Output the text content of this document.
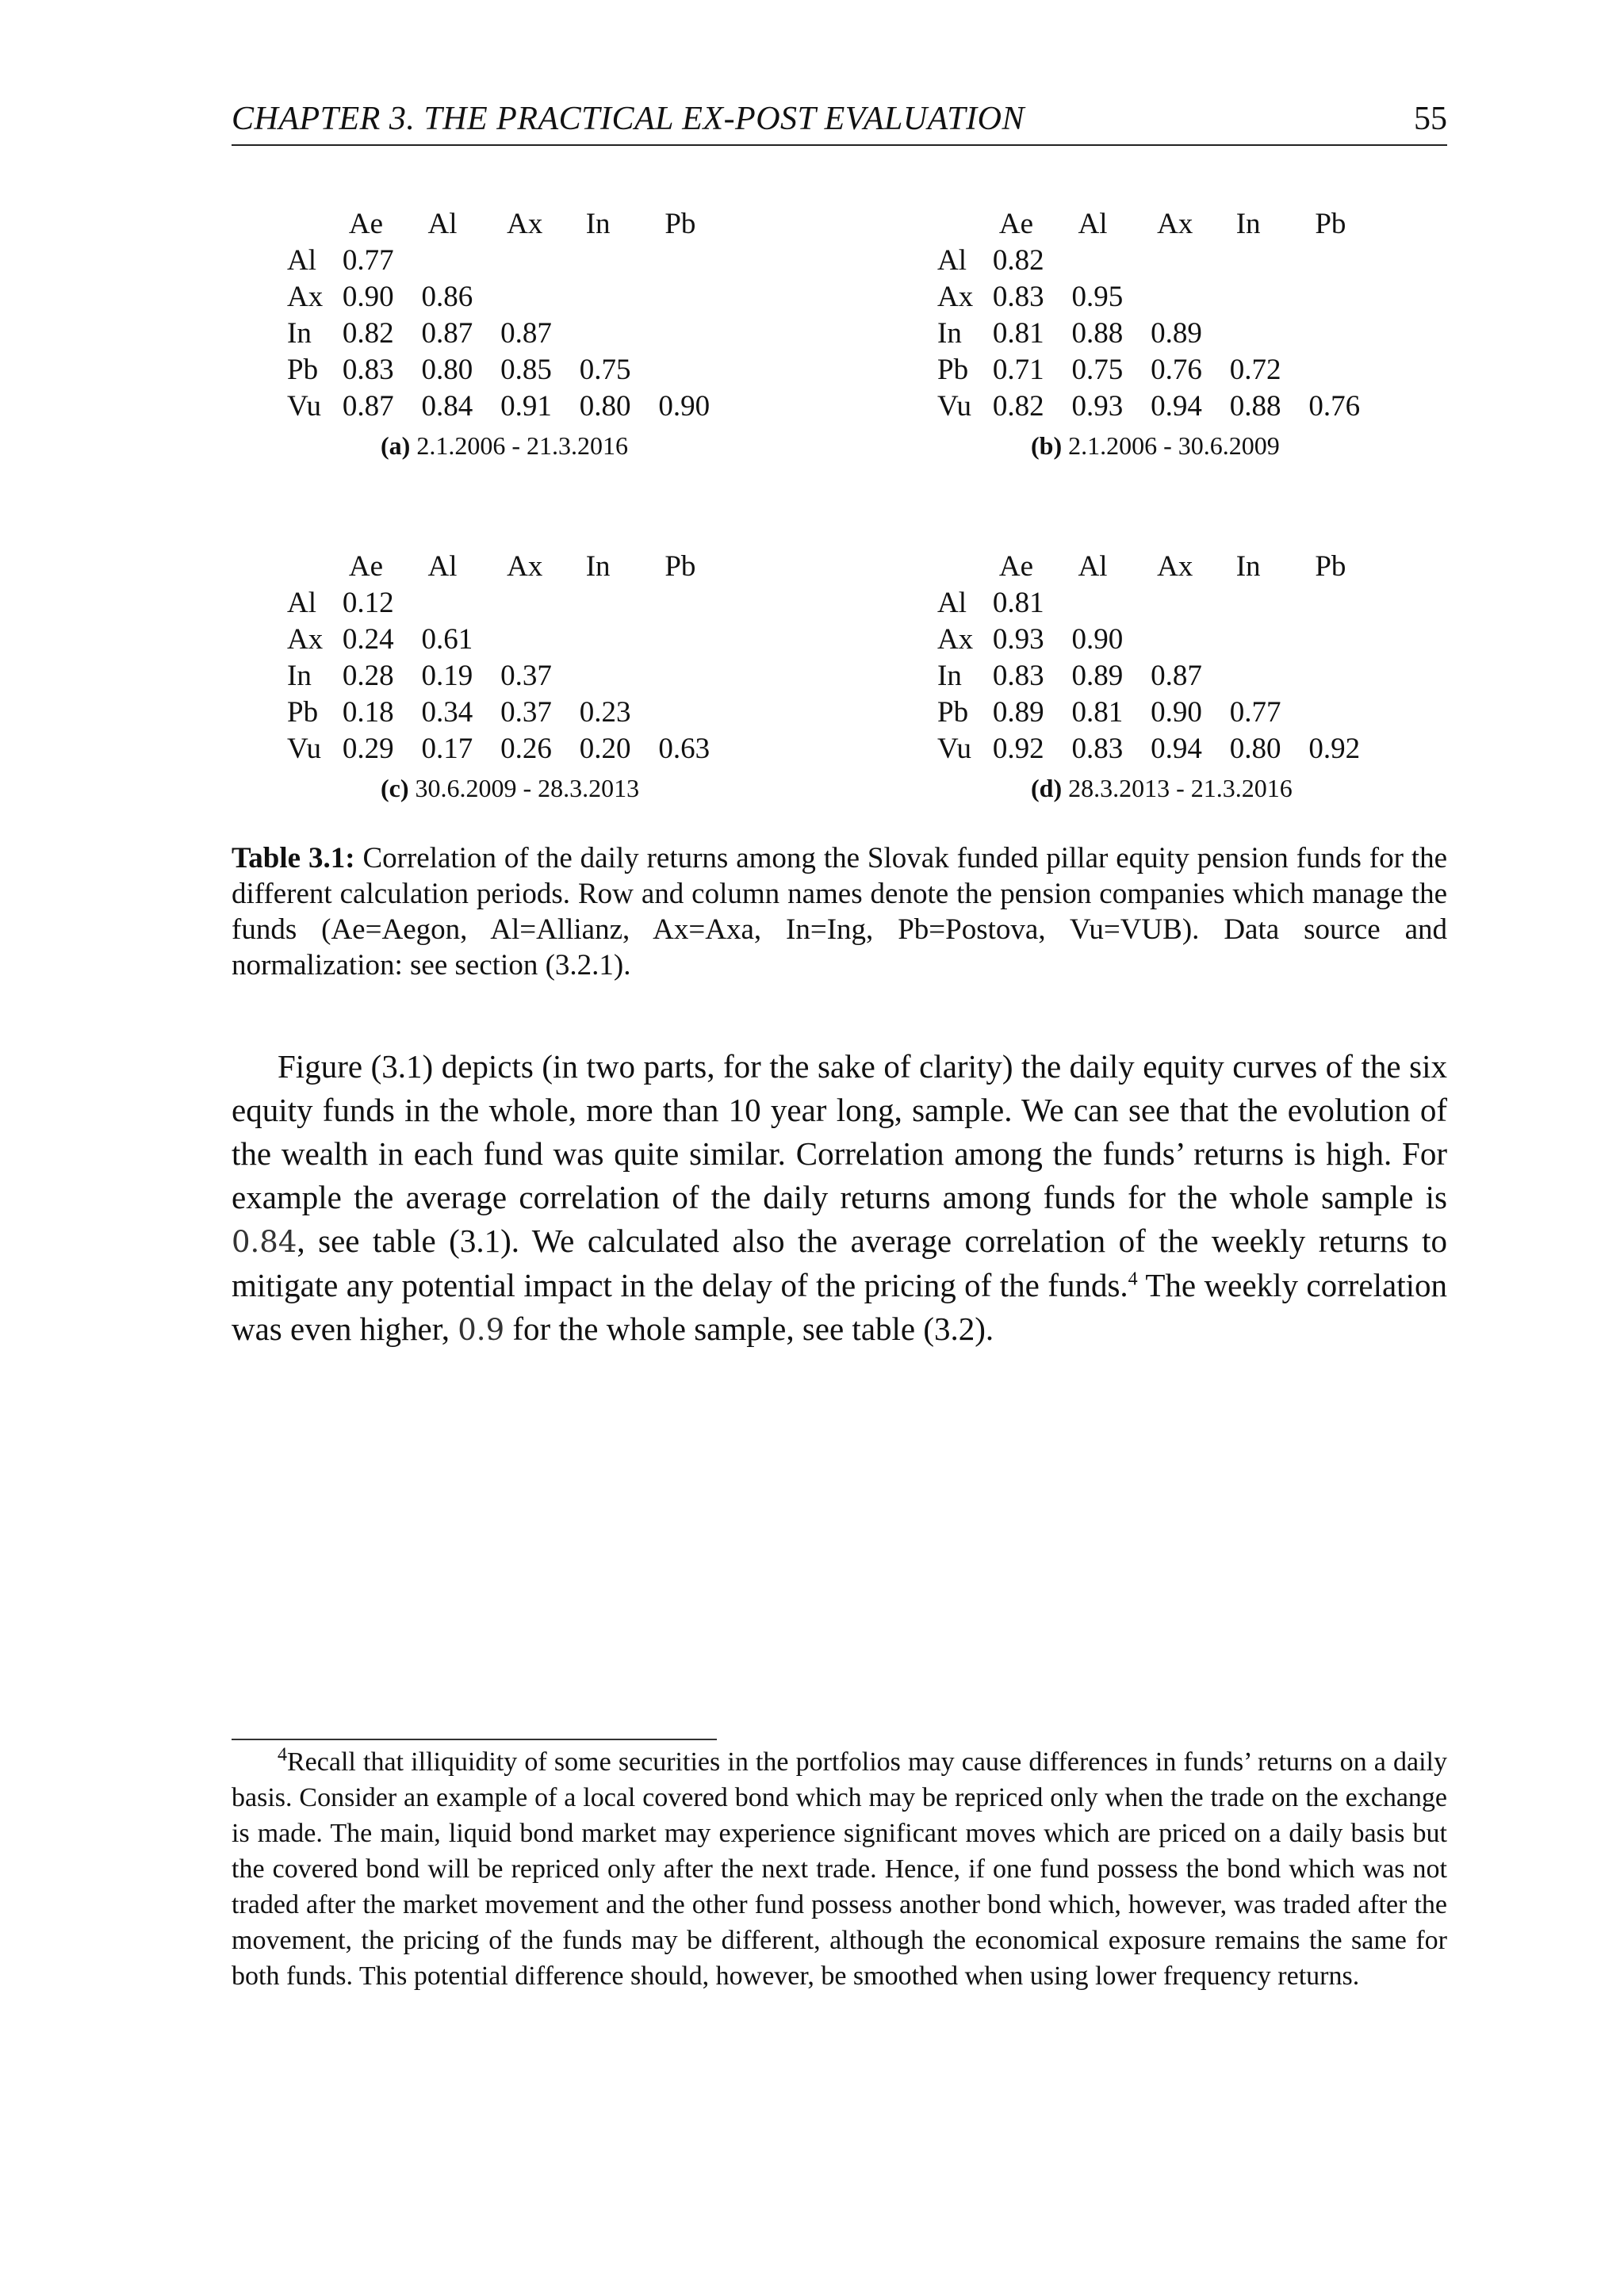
CHAPTER 3. THE PRACTICAL EX-POST EVALUATION	55
	Ae	Al	Ax	In	Pb
Al	0.77				
Ax	0.90	0.86			
In	0.82	0.87	0.87		
Pb	0.83	0.80	0.85	0.75	
Vu	0.87	0.84	0.91	0.80	0.90
(a) 2.1.2006 - 21.3.2016
	Ae	Al	Ax	In	Pb
Al	0.82				
Ax	0.83	0.95			
In	0.81	0.88	0.89		
Pb	0.71	0.75	0.76	0.72	
Vu	0.82	0.93	0.94	0.88	0.76
(b) 2.1.2006 - 30.6.2009
	Ae	Al	Ax	In	Pb
Al	0.12				
Ax	0.24	0.61			
In	0.28	0.19	0.37		
Pb	0.18	0.34	0.37	0.23	
Vu	0.29	0.17	0.26	0.20	0.63
(c) 30.6.2009 - 28.3.2013
	Ae	Al	Ax	In	Pb
Al	0.81				
Ax	0.93	0.90			
In	0.83	0.89	0.87		
Pb	0.89	0.81	0.90	0.77	
Vu	0.92	0.83	0.94	0.80	0.92
(d) 28.3.2013 - 21.3.2016
Table 3.1: Correlation of the daily returns among the Slovak funded pillar equity pension funds for the different calculation periods. Row and column names denote the pension companies which manage the funds (Ae=Aegon, Al=Allianz, Ax=Axa, In=Ing, Pb=Postova, Vu=VUB). Data source and normalization: see section (3.2.1).
Figure (3.1) depicts (in two parts, for the sake of clarity) the daily equity curves of the six equity funds in the whole, more than 10 year long, sample. We can see that the evolution of the wealth in each fund was quite similar. Correlation among the funds’ returns is high. For example the average correlation of the daily returns among funds for the whole sample is 0.84, see table (3.1). We calculated also the average correlation of the weekly returns to mitigate any potential impact in the delay of the pricing of the funds.$^4$ The weekly correlation was even higher, 0.9 for the whole sample, see table (3.2).
$^4$Recall that illiquidity of some securities in the portfolios may cause differences in funds’ returns on a daily basis. Consider an example of a local covered bond which may be repriced only when the trade on the exchange is made. The main, liquid bond market may experience significant moves which are priced on a daily basis but the covered bond will be repriced only after the next trade. Hence, if one fund possess the bond which was not traded after the market movement and the other fund possess another bond which, however, was traded after the movement, the pricing of the funds may be different, although the economical exposure remains the same for both funds. This potential difference should, however, be smoothed when using lower frequency returns.
